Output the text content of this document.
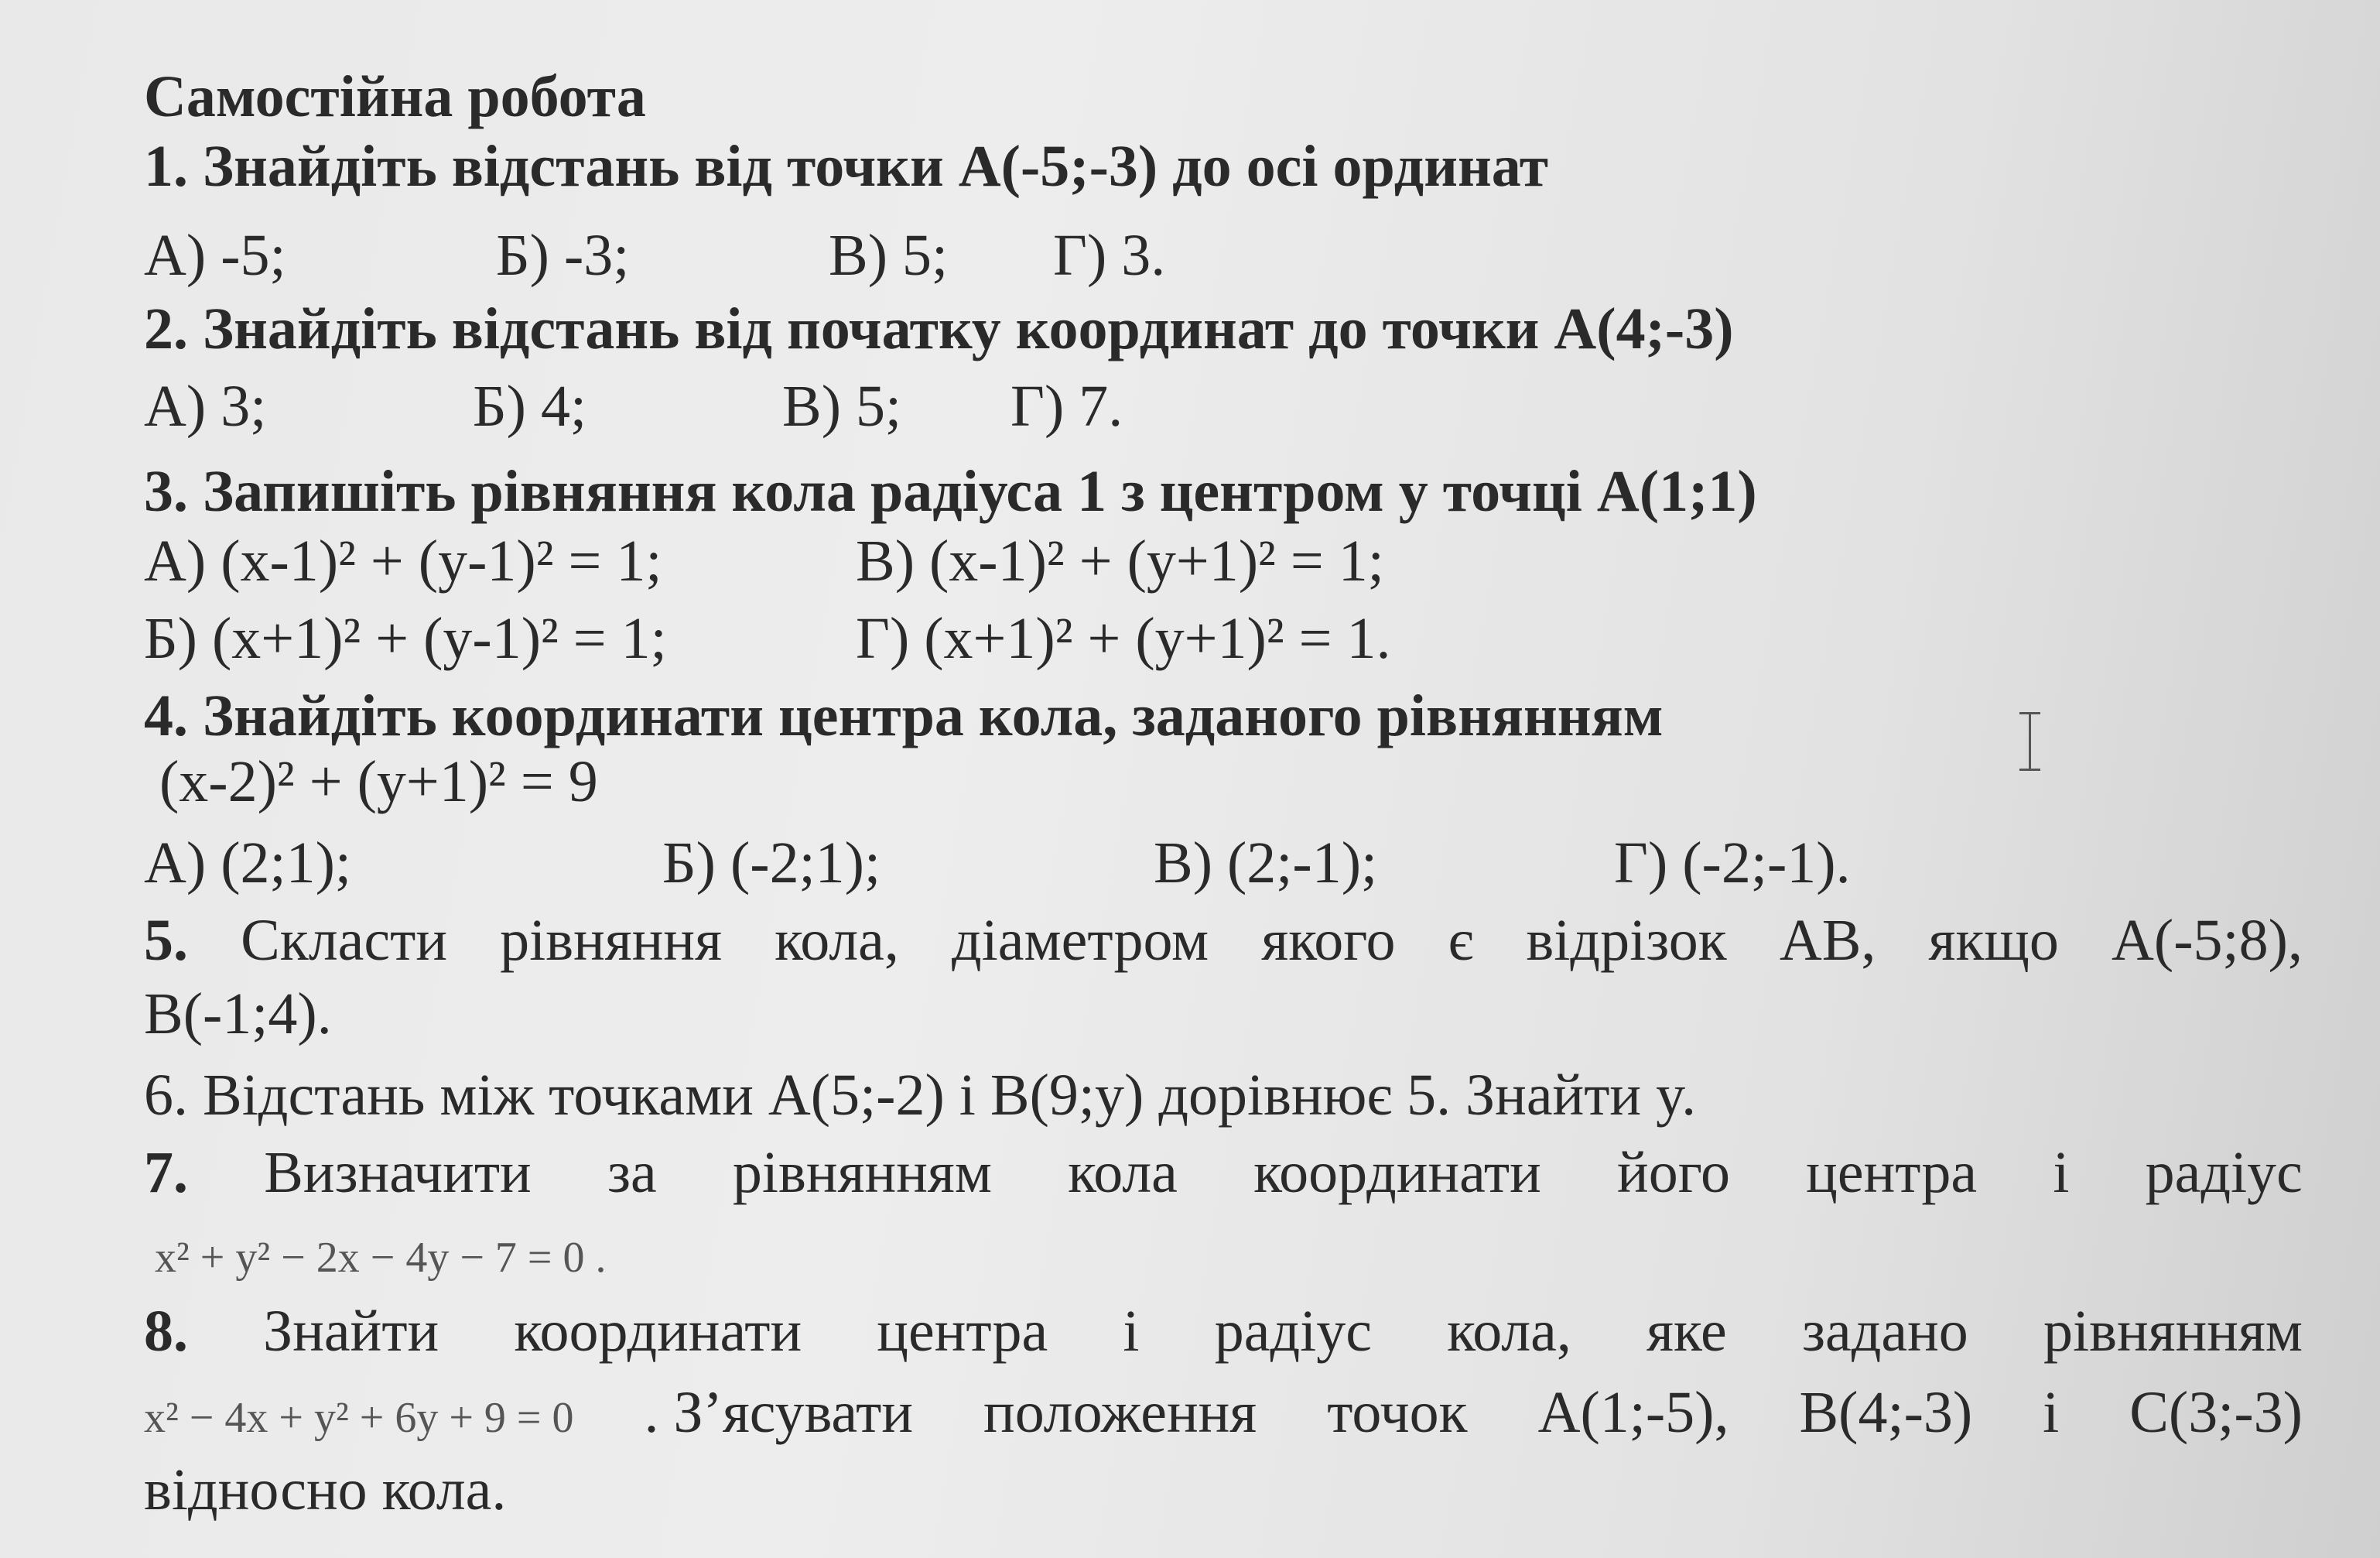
Самостійна робота
1. Знайдіть відстань від точки А(-5;-3) до осі ординат
А) -5;	Б) -3;	В) 5; Г) 3.
2. Знайдіть відстань від початку координат до точки А(4;-3)
А) 3;	Б) 4;	В) 5; Г) 7.
3. Запишіть рівняння кола радіуса 1 з центром у точці А(1;1)
А) (x-1)² + (y-1)² = 1;	В) (x-1)² + (y+1)² = 1;
Б) (x+1)² + (y-1)² = 1;	Г) (x+1)² + (y+1)² = 1.
4. Знайдіть координати центра кола, заданого рівнянням
(x-2)² + (y+1)² = 9
А) (2;1);	Б) (-2;1);	В) (2;-1);	Г) (-2;-1).
5. Скласти рівняння кола, діаметром якого є відрізок АВ, якщо А(-5;8),
В(-1;4).
6. Відстань між точками А(5;-2) і В(9;y) дорівнює 5. Знайти y.
7. Визначити за рівнянням кола координати його центра і радіус
x² + y² − 2x − 4y − 7 = 0 .
8. Знайти координати центра і радіус кола, яке задано рівнянням
x² − 4x + y² + 6y + 9 = 0 . З’ясувати положення точок А(1;-5), В(4;-3) і С(3;-3)
відносно кола.
